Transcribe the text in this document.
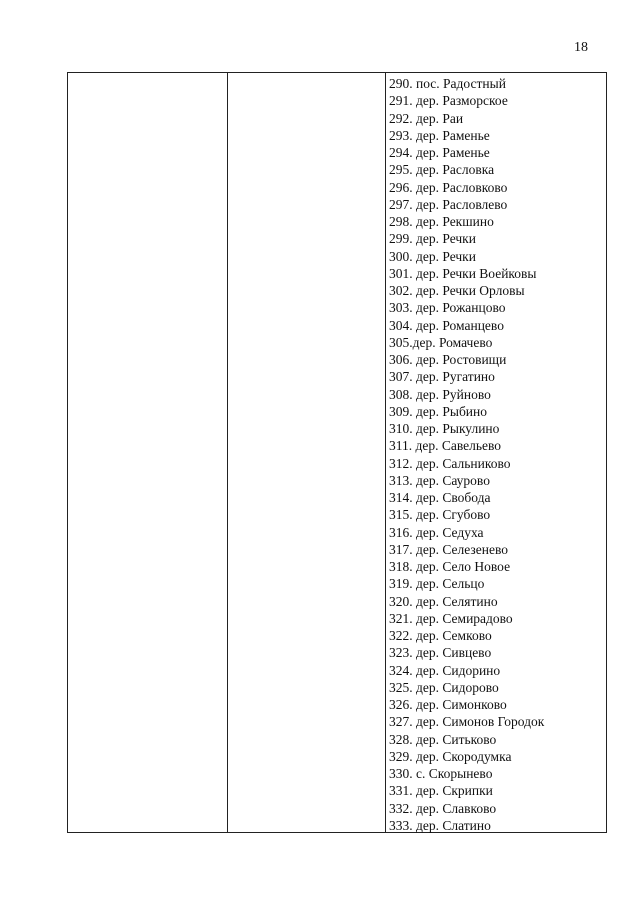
18
290. пос. Радостный
291. дер. Разморское
292. дер. Раи
293. дер. Раменье
294. дер. Раменье
295. дер. Расловка
296. дер. Расловково
297. дер. Расловлево
298. дер. Рекшино
299. дер. Речки
300. дер. Речки
301. дер. Речки Воейковы
302. дер. Речки Орловы
303. дер. Рожанцово
304. дер. Романцево
305.дер. Ромачево
306. дер. Ростовищи
307. дер. Ругатино
308. дер. Руйново
309. дер. Рыбино
310. дер. Рыкулино
311. дер. Савельево
312. дер. Сальниково
313. дер. Саурово
314. дер. Свобода
315. дер. Сгубово
316. дер. Седуха
317. дер. Селезенево
318. дер. Село Новое
319. дер. Сельцо
320. дер. Селятино
321. дер. Семирадово
322. дер. Семково
323. дер. Сивцево
324. дер. Сидорино
325. дер. Сидорово
326. дер. Симонково
327. дер. Симонов Городок
328. дер. Ситьково
329. дер. Скородумка
330. с. Скорынево
331. дер. Скрипки
332. дер. Славково
333. дер. Слатино
